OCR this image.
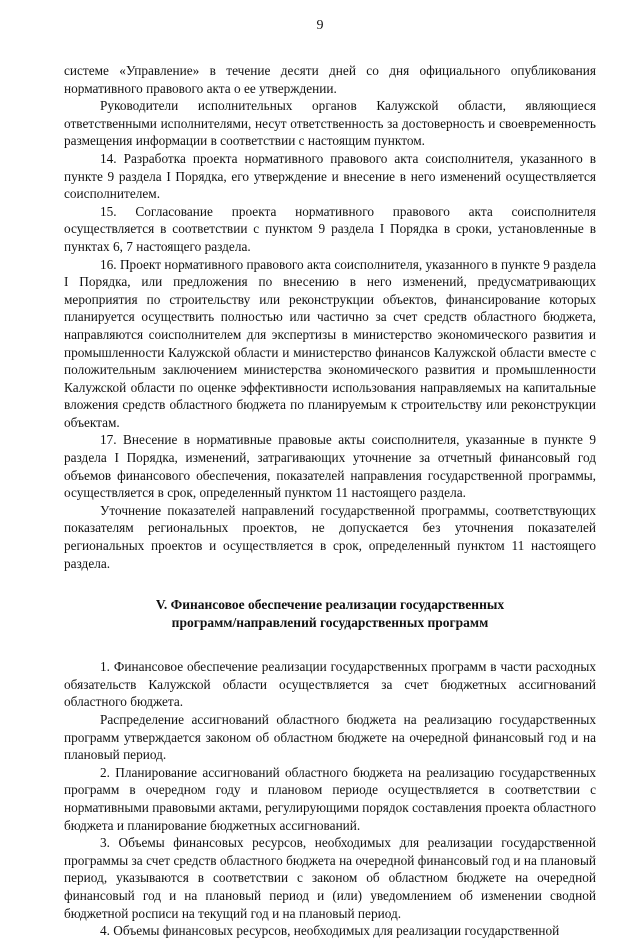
9

системе «Управление» в течение десяти дней со дня официального опубликования нормативного правового акта о ее утверждении.

Руководители исполнительных органов Калужской области, являющиеся ответственными исполнителями, несут ответственность за достоверность и своевременность размещения информации в соответствии с настоящим пунктом.

14. Разработка проекта нормативного правового акта соисполнителя, указанного в пункте 9 раздела I Порядка, его утверждение и внесение в него изменений осуществляется соисполнителем.

15. Согласование проекта нормативного правового акта соисполнителя осуществляется в соответствии с пунктом 9 раздела I Порядка в сроки, установленные в пунктах 6, 7 настоящего раздела.

16. Проект нормативного правового акта соисполнителя, указанного в пункте 9 раздела I Порядка, или предложения по внесению в него изменений, предусматривающих мероприятия по строительству или реконструкции объектов, финансирование которых планируется осуществить полностью или частично за счет средств областного бюджета, направляются соисполнителем для экспертизы в министерство экономического развития и промышленности Калужской области и министерство финансов Калужской области вместе с положительным заключением министерства экономического развития и промышленности Калужской области по оценке эффективности использования направляемых на капитальные вложения средств областного бюджета по планируемым к строительству или реконструкции объектам.

17. Внесение в нормативные правовые акты соисполнителя, указанные в пункте 9 раздела I Порядка, изменений, затрагивающих уточнение за отчетный финансовый год объемов финансового обеспечения, показателей направления государственной программы, осуществляется в срок, определенный пунктом 11 настоящего раздела.

Уточнение показателей направлений государственной программы, соответствующих показателям региональных проектов, не допускается без уточнения показателей региональных проектов и осуществляется в срок, определенный пунктом 11 настоящего раздела.

V. Финансовое обеспечение реализации государственных
программ/направлений государственных программ

1. Финансовое обеспечение реализации государственных программ в части расходных обязательств Калужской области осуществляется за счет бюджетных ассигнований областного бюджета.

Распределение ассигнований областного бюджета на реализацию государственных программ утверждается законом об областном бюджете на очередной финансовый год и на плановый период.

2. Планирование ассигнований областного бюджета на реализацию государственных программ в очередном году и плановом периоде осуществляется в соответствии с нормативными правовыми актами, регулирующими порядок составления проекта областного бюджета и планирование бюджетных ассигнований.

3. Объемы финансовых ресурсов, необходимых для реализации государственной программы за счет средств областного бюджета на очередной финансовый год и на плановый период, указываются в соответствии с законом об областном бюджете на очередной финансовый год и на плановый период и (или) уведомлением об изменении сводной бюджетной росписи на текущий год и на плановый период.

4. Объемы финансовых ресурсов, необходимых для реализации государственной
